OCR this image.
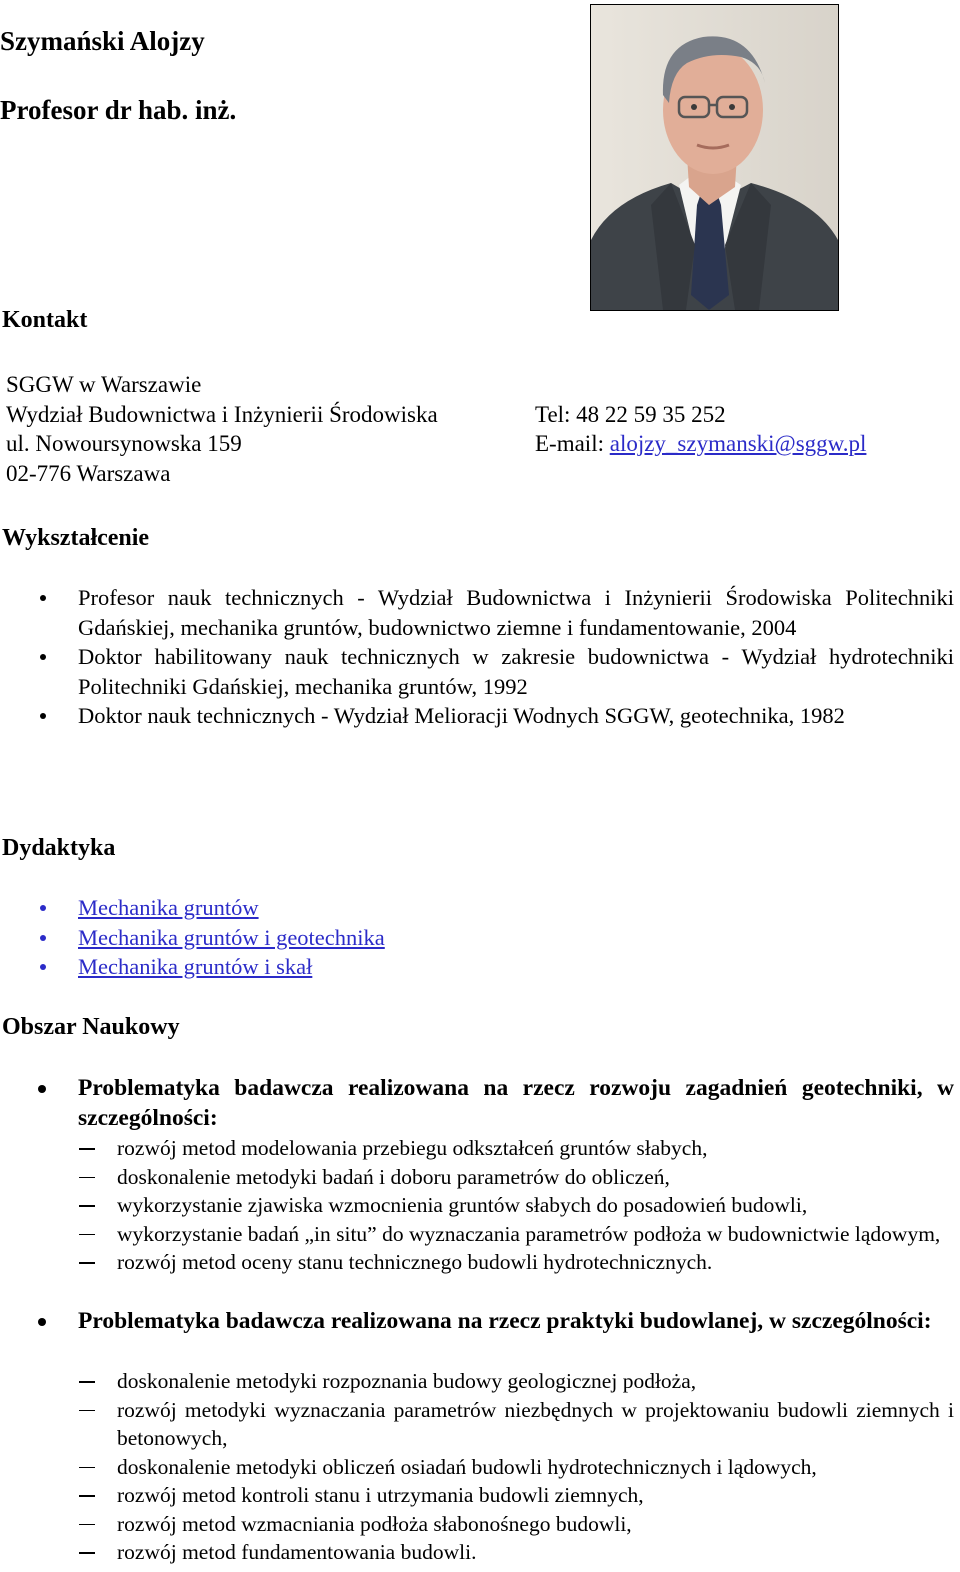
Szymański Alojzy
Profesor dr hab. inż.
Kontakt
SGGW w Warszawie
Wydział Budownictwa i Inżynierii Środowiska
ul. Nowoursynowska 159
02-776 Warszawa
Tel: 48 22 59 35 252
E-mail: alojzy_szymanski@sggw.pl
Wykształcenie
Profesor nauk technicznych - Wydział Budownictwa i Inżynierii Środowiska Politechniki Gdańskiej, mechanika gruntów, budownictwo ziemne i fundamentowanie, 2004
Doktor habilitowany nauk technicznych w zakresie budownictwa - Wydział hydrotechniki Politechniki Gdańskiej, mechanika gruntów, 1992
Doktor nauk technicznych - Wydział Melioracji Wodnych SGGW, geotechnika, 1982
Dydaktyka
Mechanika gruntów
Mechanika gruntów i geotechnika
Mechanika gruntów i skał
Obszar Naukowy
Problematyka badawcza realizowana na rzecz rozwoju zagadnień geotechniki, w szczególności:
rozwój metod modelowania przebiegu odkształceń gruntów słabych,
doskonalenie metodyki badań i doboru parametrów do obliczeń,
wykorzystanie zjawiska wzmocnienia gruntów słabych do posadowień budowli,
wykorzystanie badań „in situ” do wyznaczania parametrów podłoża w budownictwie lądowym,
rozwój metod oceny stanu technicznego budowli hydrotechnicznych.
Problematyka badawcza realizowana na rzecz praktyki budowlanej, w szczególności:
doskonalenie metodyki rozpoznania budowy geologicznej podłoża,
rozwój metodyki wyznaczania parametrów niezbędnych w projektowaniu budowli ziemnych i betonowych,
doskonalenie metodyki obliczeń osiadań budowli hydrotechnicznych i lądowych,
rozwój metod kontroli stanu i utrzymania budowli ziemnych,
rozwój metod wzmacniania podłoża słabonośnego budowli,
rozwój metod fundamentowania budowli.
